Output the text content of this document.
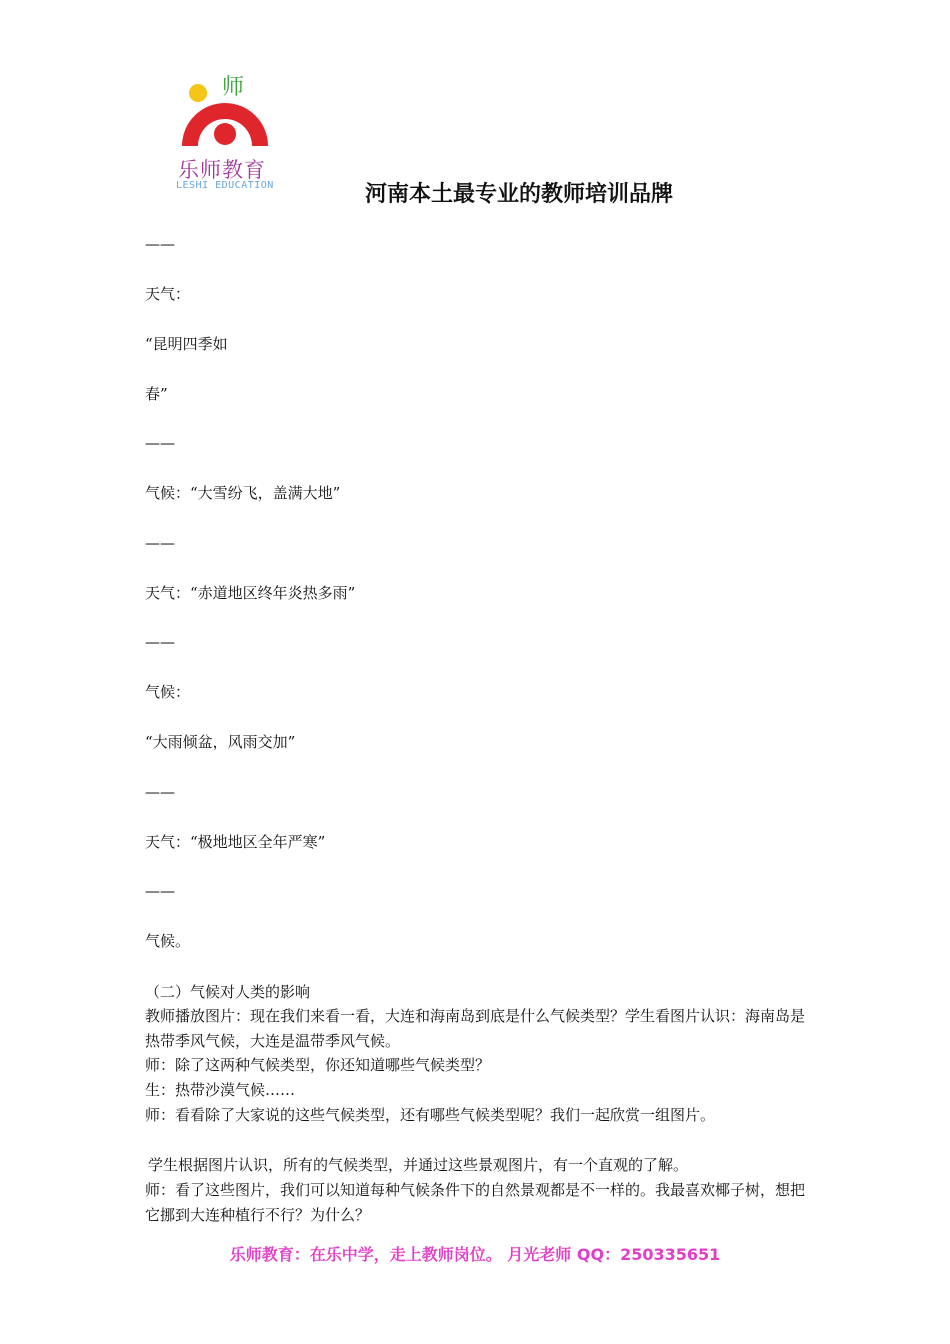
师
乐师教育
LESHI EDUCATION	河南本土最专业的教师培训品牌
——
天气：
“昆明四季如
春”
——
气候：“大雪纷飞，盖满大地”
——
天气：“赤道地区终年炎热多雨”
——
气候：
“大雨倾盆，风雨交加”
——
天气：“极地地区全年严寒”
——
气候。
（二）气候对人类的影响
教师播放图片：现在我们来看一看，大连和海南岛到底是什么气候类型？学生看图片认识：海南岛是热带季风气候，大连是温带季风气候。
师：除了这两种气候类型，你还知道哪些气候类型？
生：热带沙漠气候……
师：看看除了大家说的这些气候类型，还有哪些气候类型呢？我们一起欣赏一组图片。
学生根据图片认识，所有的气候类型，并通过这些景观图片，有一个直观的了解。
师：看了这些图片，我们可以知道每种气候条件下的自然景观都是不一样的。我最喜欢椰子树，想把它挪到大连种植行不行？为什么？
乐师教育：在乐中学，走上教师岗位。 月光老师 QQ：250335651
